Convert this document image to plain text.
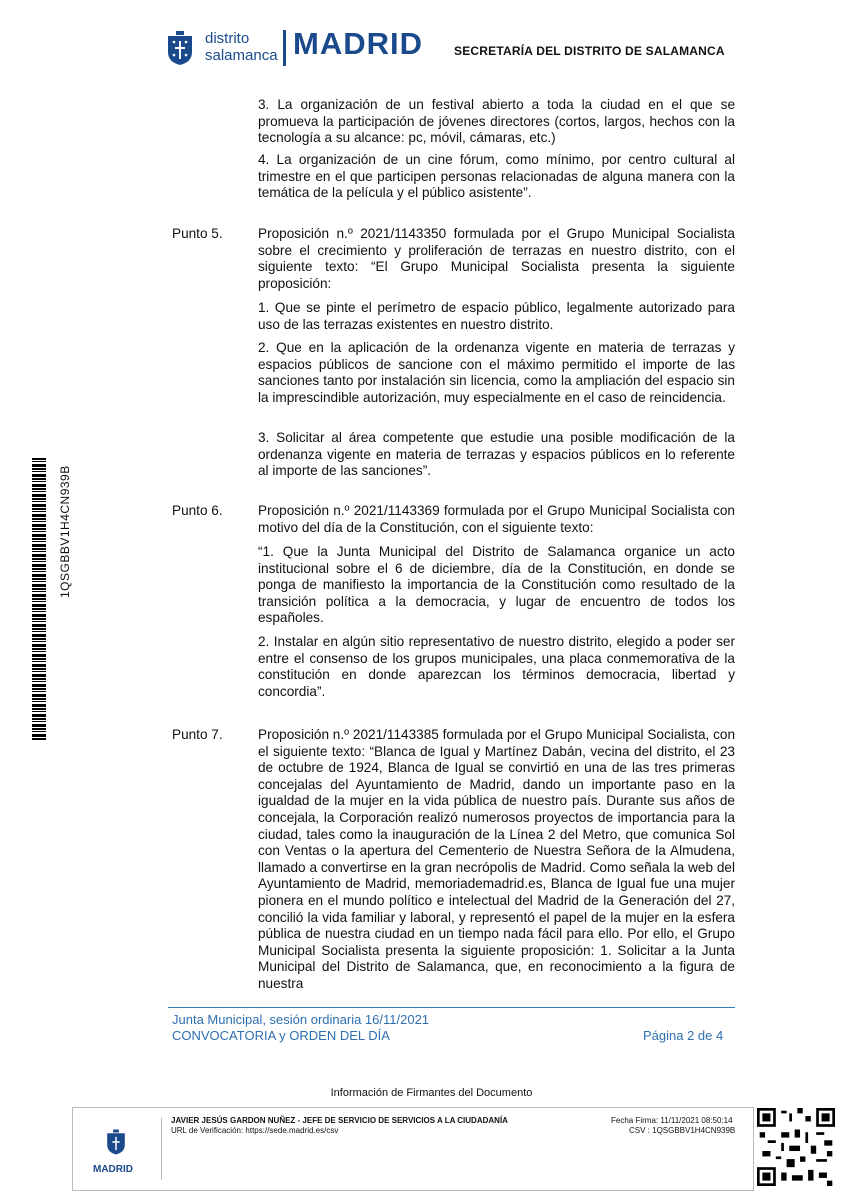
distrito
salamanca MADRID	SECRETARÍA DEL DISTRITO DE SALAMANCA

3. La organización de un festival abierto a toda la ciudad en el que se promueva la participación de jóvenes directores (cortos, largos, hechos con la tecnología a su alcance: pc, móvil, cámaras, etc.)

4. La organización de un cine fórum, como mínimo, por centro cultural al trimestre en el que participen personas relacionadas de alguna manera con la temática de la película y el público asistente”.

Punto 5.	Proposición n.º 2021/1143350 formulada por el Grupo Municipal Socialista sobre el crecimiento y proliferación de terrazas en nuestro distrito, con el siguiente texto: “El Grupo Municipal Socialista presenta la siguiente proposición:

1. Que se pinte el perímetro de espacio público, legalmente autorizado para uso de las terrazas existentes en nuestro distrito.

2. Que en la aplicación de la ordenanza vigente en materia de terrazas y espacios públicos de sancione con el máximo permitido el importe de las sanciones tanto por instalación sin licencia, como la ampliación del espacio sin la imprescindible autorización, muy especialmente en el caso de reincidencia.

3. Solicitar al área competente que estudie una posible modificación de la ordenanza vigente en materia de terrazas y espacios públicos en lo referente al importe de las sanciones”.

Punto 6.	Proposición n.º 2021/1143369 formulada por el Grupo Municipal Socialista con motivo del día de la Constitución, con el siguiente texto:

“1. Que la Junta Municipal del Distrito de Salamanca organice un acto institucional sobre el 6 de diciembre, día de la Constitución, en donde se ponga de manifiesto la importancia de la Constitución como resultado de la transición política a la democracia, y lugar de encuentro de todos los españoles.

2. Instalar en algún sitio representativo de nuestro distrito, elegido a poder ser entre el consenso de los grupos municipales, una placa conmemorativa de la constitución en donde aparezcan los términos democracia, libertad y concordia”.

Punto 7.	Proposición n.º 2021/1143385 formulada por el Grupo Municipal Socialista, con el siguiente texto: “Blanca de Igual y Martínez Dabán, vecina del distrito, el 23 de octubre de 1924, Blanca de Igual se convirtió en una de las tres primeras concejalas del Ayuntamiento de Madrid, dando un importante paso en la igualdad de la mujer en la vida pública de nuestro país. Durante sus años de concejala, la Corporación realizó numerosos proyectos de importancia para la ciudad, tales como la inauguración de la Línea 2 del Metro, que comunica Sol con Ventas o la apertura del Cementerio de Nuestra Señora de la Almudena, llamado a convertirse en la gran necrópolis de Madrid. Como señala la web del Ayuntamiento de Madrid, memoriademadrid.es, Blanca de Igual fue una mujer pionera en el mundo político e intelectual del Madrid de la Generación del 27, concilió la vida familiar y laboral, y representó el papel de la mujer en la esfera pública de nuestra ciudad en un tiempo nada fácil para ello. Por ello, el Grupo Municipal Socialista presenta la siguiente proposición: 1. Solicitar a la Junta Municipal del Distrito de Salamanca, que, en reconocimiento a la figura de nuestra

1QSGBBV1H4CN939B
Junta Municipal, sesión ordinaria 16/11/2021
CONVOCATORIA y ORDEN DEL DÍA	Página 2 de 4
Información de Firmantes del Documento
MADRID
JAVIER JESÚS GARDON NUÑEZ - JEFE DE SERVICIO DE SERVICIOS A LA CIUDADANÍA
URL de Verificación: https://sede.madrid.es/csv
Fecha Firma: 11/11/2021 08:50:14
CSV : 1QSGBBV1H4CN939B
